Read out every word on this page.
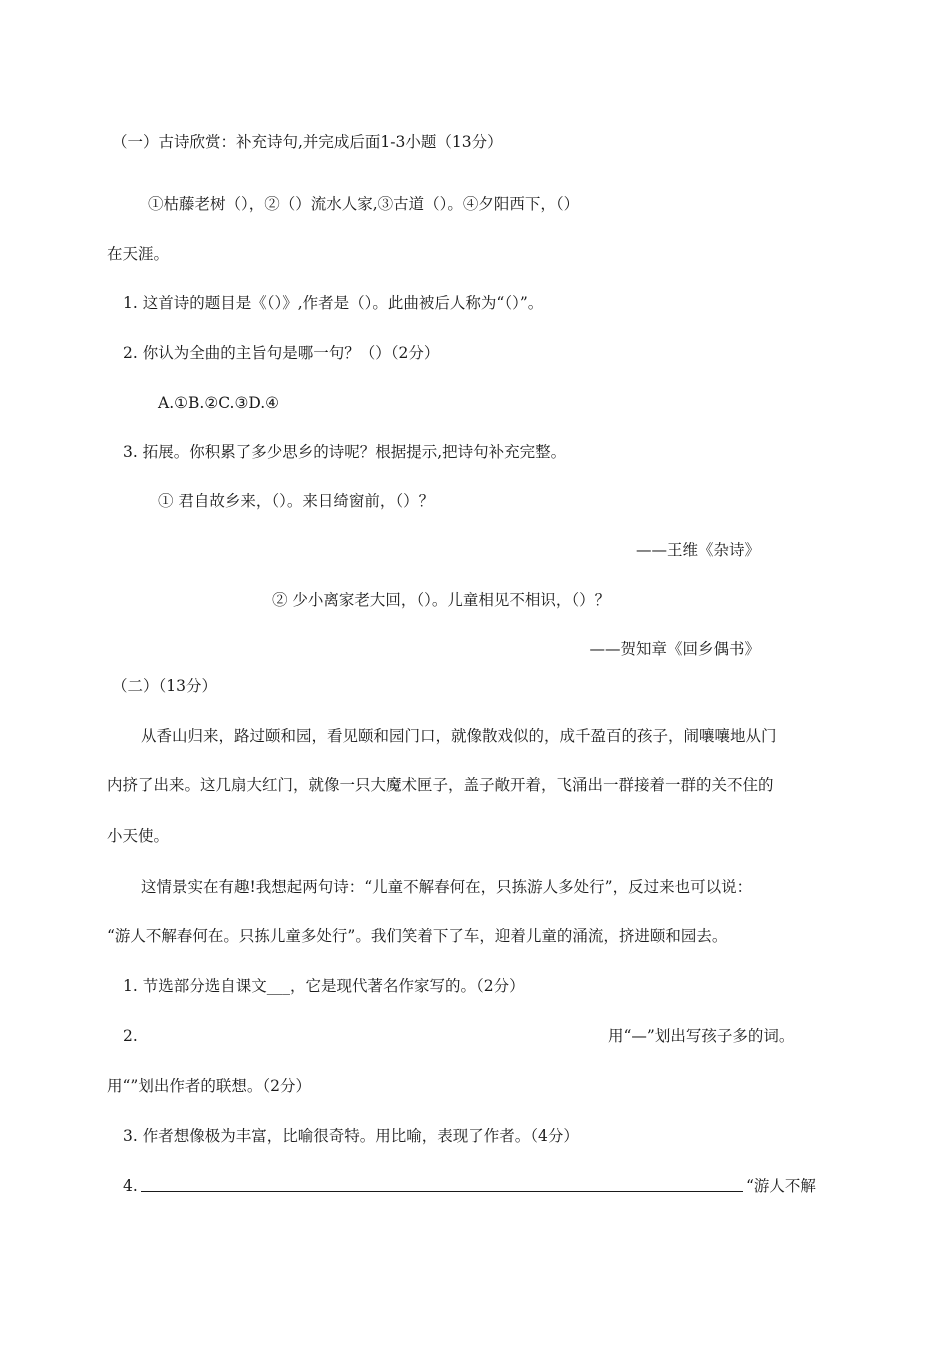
（一）古诗欣赏：补充诗句,并完成后面1-3小题（13分）
①枯藤老树（），②（）流水人家,③古道（）。④夕阳西下，（）
在天涯。
1. 这首诗的题目是《（）》,作者是（）。此曲被后人称为“（）”。
2. 你认为全曲的主旨句是哪一句？（）（2分）
A.①B.②C.③D.④
3. 拓展。你积累了多少思乡的诗呢？根据提示,把诗句补充完整。
① 君自故乡来，（）。来日绮窗前，（）？
——王维《杂诗》
② 少小离家老大回，（）。儿童相见不相识，（）？
——贺知章《回乡偶书》
（二）（13分）
从香山归来，路过颐和园，看见颐和园门口，就像散戏似的，成千盈百的孩子，闹嚷嚷地从门
内挤了出来。这几扇大红门，就像一只大魔术匣子，盖子敞开着，飞涌出一群接着一群的关不住的
小天使。
这情景实在有趣!我想起两句诗：“儿童不解春何在，只拣游人多处行”，反过来也可以说：
“游人不解春何在。只拣儿童多处行”。我们笑着下了车，迎着儿童的涌流，挤进颐和园去。
1. 节选部分选自课文___，它是现代著名作家写的。（2分）
2.	用“—”划出写孩子多的词。
用“”划出作者的联想。（2分）
3. 作者想像极为丰富，比喻很奇特。用比喻，表现了作者。（4分）
4.	“游人不解
